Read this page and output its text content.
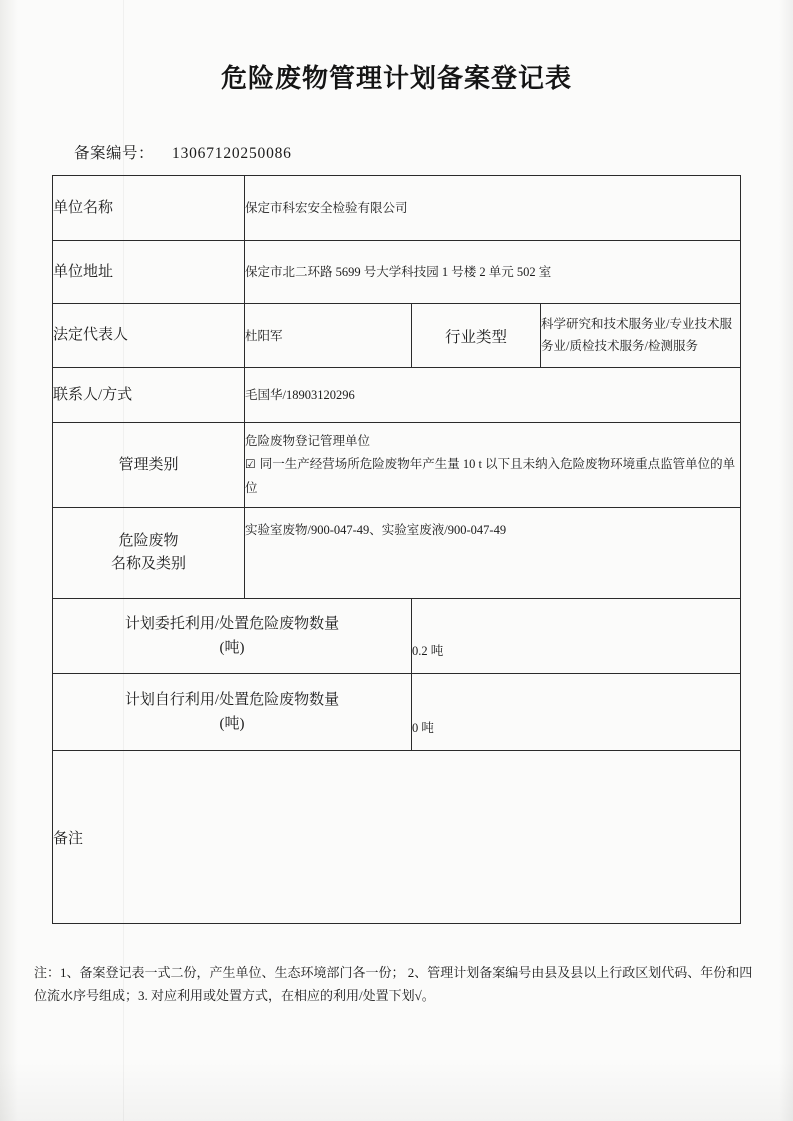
危险废物管理计划备案登记表
备案编号： 13067120250086
单位名称	保定市科宏安全检验有限公司		
单位地址	保定市北二环路 5699 号大学科技园 1 号楼 2 单元 502 室		
法定代表人	杜阳军	行业类型	科学研究和技术服务业/专业技术服务业/质检技术服务/检测服务
联系人/方式	毛国华/18903120296		
管理类别	危险废物登记管理单位
☑ 同一生产经营场所危险废物年产生量 10 t 以下且未纳入危险废物环境重点监管单位的单位		

危险废物
名称及类别	实验室废物/900-047-49、实验室废液/900-047-49		
计划委托利用/处置危险废物数量
(吨)		0.2 吨	
计划自行利用/处置危险废物数量
(吨)		0 吨	
备注			
注：1、备案登记表一式二份，产生单位、生态环境部门各一份； 2、管理计划备案编号由县及县以上行政区划代码、年份和四
位流水序号组成；3. 对应利用或处置方式，在相应的利用/处置下划√。
